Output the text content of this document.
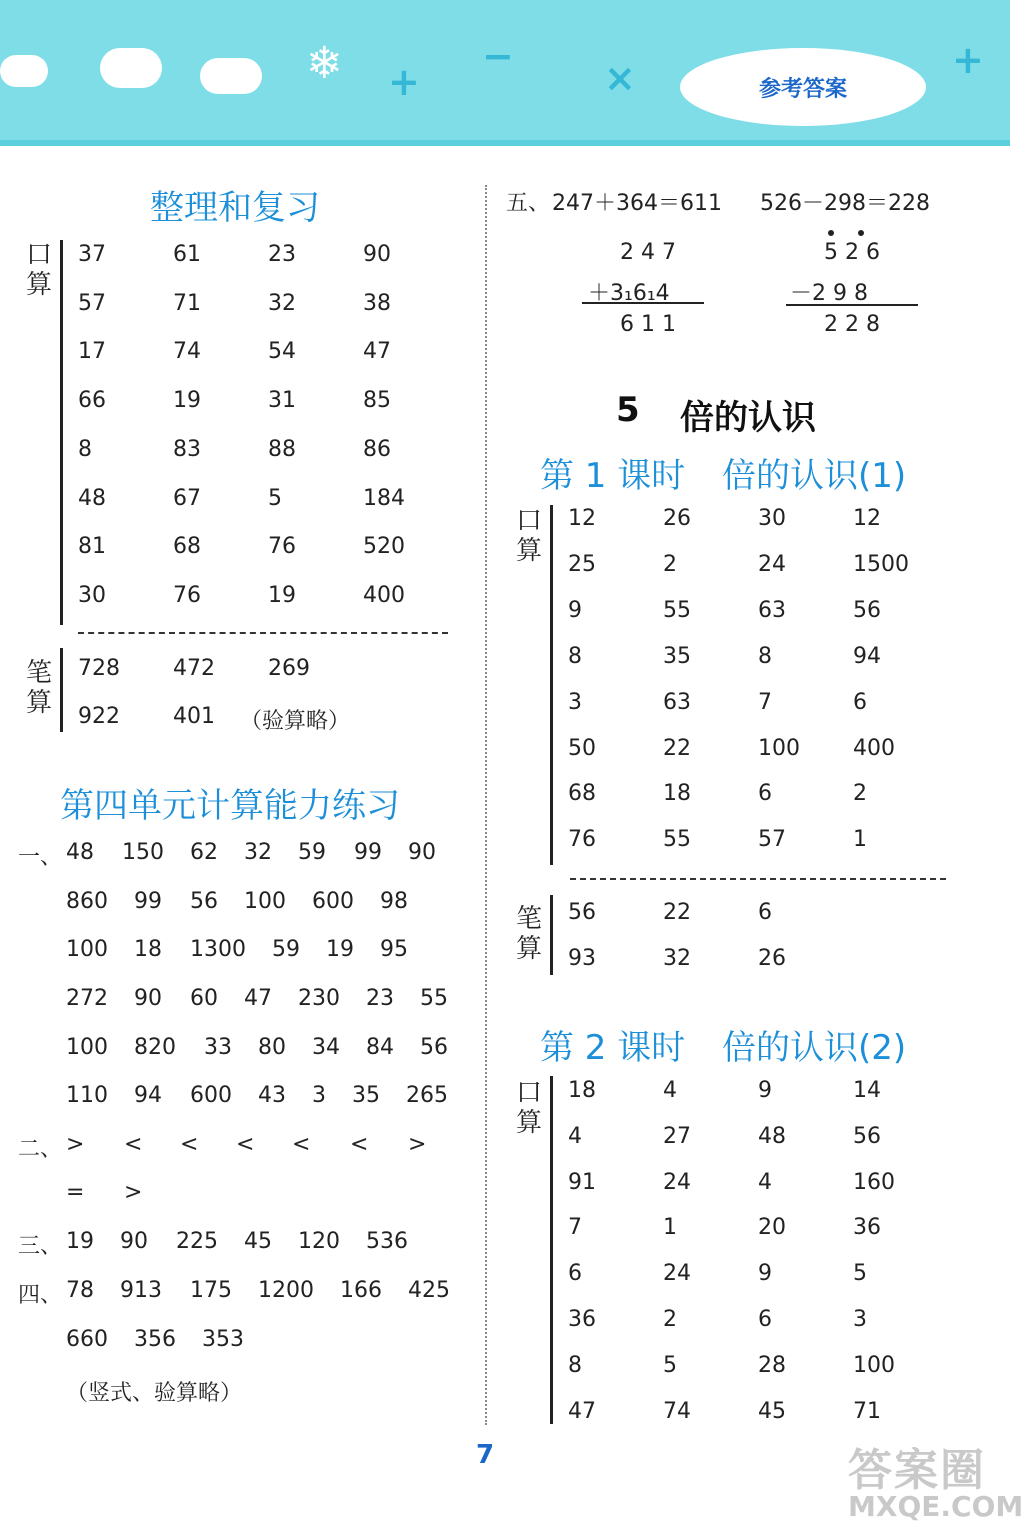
❄ +
− ×	+
参考答案
整理和复习
口算
37	61	23	90
57	71	32	38
17	74	54	47
66	19	31	85
8	83	88	86
48	67	5	184
81	68	76	520
30	76	19	400
笔算
728 472 269
922 401 （验算略）
第四单元计算能力练习
一、 48 150 62 32 59 99 90
860 99 56 100 600 98
100 18 1300 59 19 95
272 90 60 47 230 23 55
100 820 33 80 34 84 56
110 94 600 43 3 35 265
二、 > < < < < < >
= >
三、 19 90 225 45 120 536
四、 78 913 175 1200 166 425
660 356 353
（竖式、验算略）
五、 247＋364＝611 526－298＝228
2 4 7
＋3₁6₁4
6 1 1
5 2 6
－2 9 8
2 2 8
5 倍的认识
第 1 课时 倍的认识(1)
口算
12	26	30	12
25	2	24	1500
9	55	63	56
8	35	8	94
3	63	7	6
50	22	100 400
68	18	6	2
76	55	57	1
笔算
56	22	6
93	32	26
第 2 课时 倍的认识(2)
口算
18	4	9	14
4	27	48	56
91	24	4	160
7	1	20	36
6	24	9	5
36	2	6	3
8	5	28	100
47	74	45	71
7	答案圈
MXQE.COM
